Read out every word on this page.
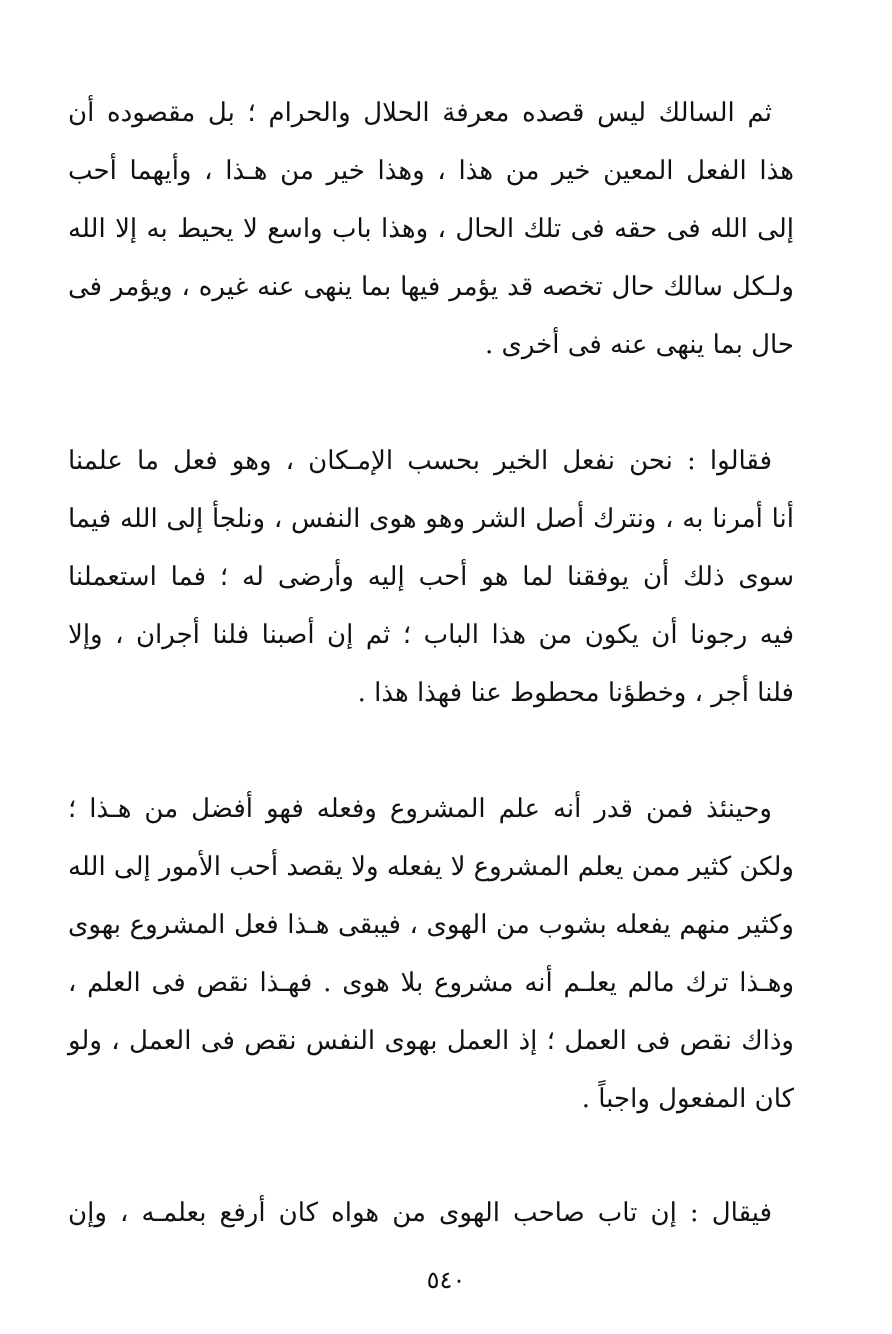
ثم السالك ليس قصده معرفة الحلال والحرام ؛ بل مقصوده أن
هذا الفعل المعين خير من هذا ، وهذا خير من هـذا ، وأيهما أحب
إلى الله فى حقه فى تلك الحال ، وهذا باب واسع لا يحيط به إلا الله
ولـكل سالك حال تخصه قد يؤمر فيها بما ينهى عنه غيره ، ويؤمر فى
حال بما ينهى عنه فى أخرى .

فقالوا : نحن نفعل الخير بحسب الإمـكان ، وهو فعل ما علمنا
أنا أمرنا به ، ونترك أصل الشر وهو هوى النفس ، ونلجأ إلى الله فيما
سوى ذلك أن يوفقنا لما هو أحب إليه وأرضى له ؛ فما استعملنا
فيه رجونا أن يكون من هذا الباب ؛ ثم إن أصبنا فلنا أجران ، وإلا
فلنا أجر ، وخطؤنا محطوط عنا فهذا هذا .

وحينئذ فمن قدر أنه علم المشروع وفعله فهو أفضل من هـذا ؛
ولكن كثير ممن يعلم المشروع لا يفعله ولا يقصد أحب الأمور إلى الله
وكثير منهم يفعله بشوب من الهوى ، فيبقى هـذا فعل المشروع بهوى
وهـذا ترك مالم يعلـم أنه مشروع بلا هوى . فهـذا نقص فى العلم ،
وذاك نقص فى العمل ؛ إذ العمل بهوى النفس نقص فى العمل ، ولو
كان المفعول واجباً .

فيقال : إن تاب صاحب الهوى من هواه كان أرفع بعلمـه ، وإن

٥٤٠
